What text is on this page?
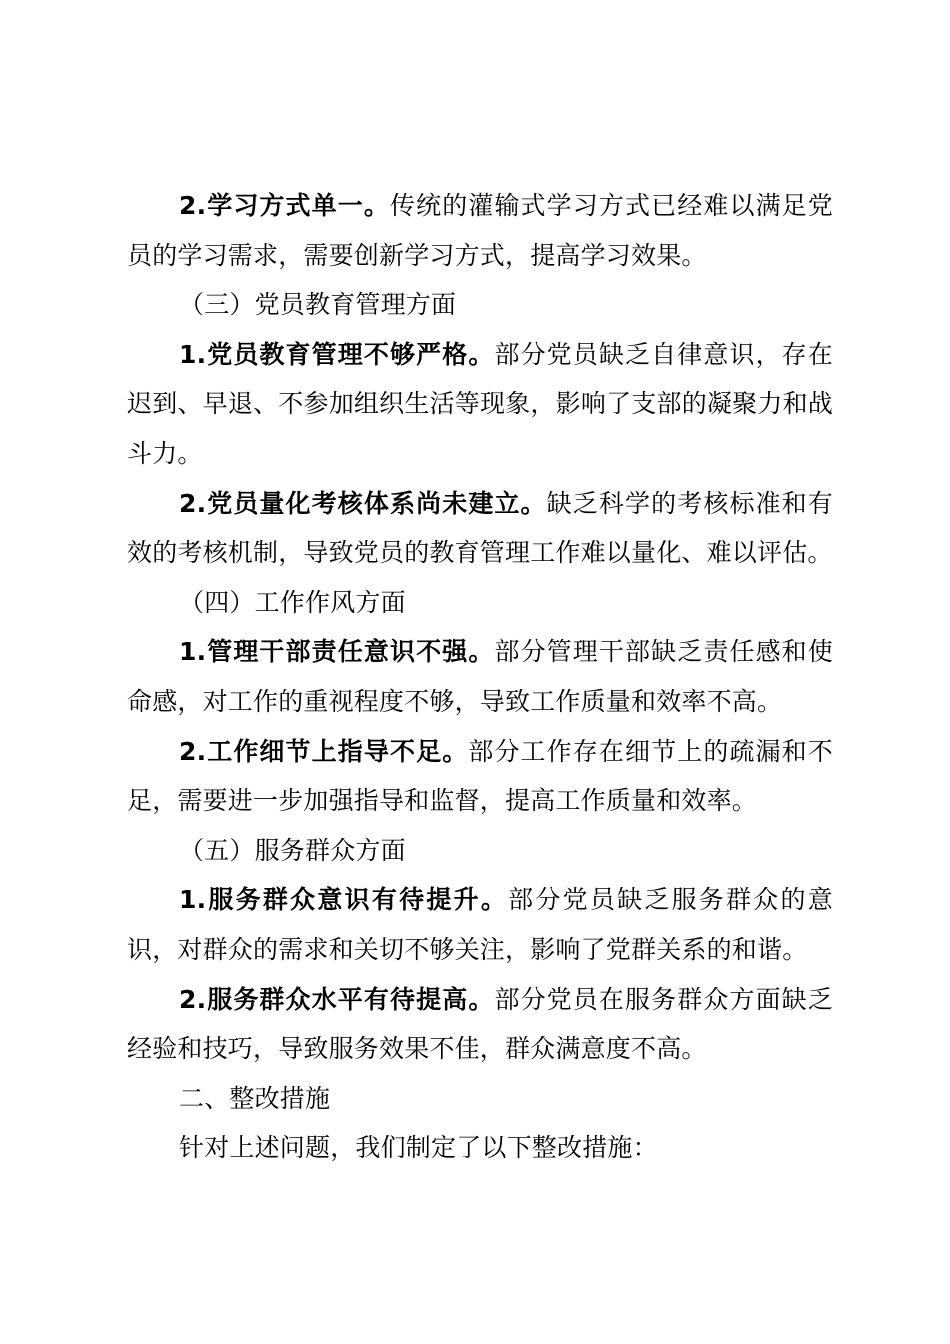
2.学习方式单一。传统的灌输式学习方式已经难以满足党员的学习需求，需要创新学习方式，提高学习效果。

（三）党员教育管理方面

1.党员教育管理不够严格。部分党员缺乏自律意识，存在迟到、早退、不参加组织生活等现象，影响了支部的凝聚力和战斗力。

2.党员量化考核体系尚未建立。缺乏科学的考核标准和有效的考核机制，导致党员的教育管理工作难以量化、难以评估。

（四）工作作风方面

1.管理干部责任意识不强。部分管理干部缺乏责任感和使命感，对工作的重视程度不够，导致工作质量和效率不高。

2.工作细节上指导不足。部分工作存在细节上的疏漏和不足，需要进一步加强指导和监督，提高工作质量和效率。

（五）服务群众方面

1.服务群众意识有待提升。部分党员缺乏服务群众的意识，对群众的需求和关切不够关注，影响了党群关系的和谐。

2.服务群众水平有待提高。部分党员在服务群众方面缺乏经验和技巧，导致服务效果不佳，群众满意度不高。

二、整改措施

针对上述问题，我们制定了以下整改措施：
